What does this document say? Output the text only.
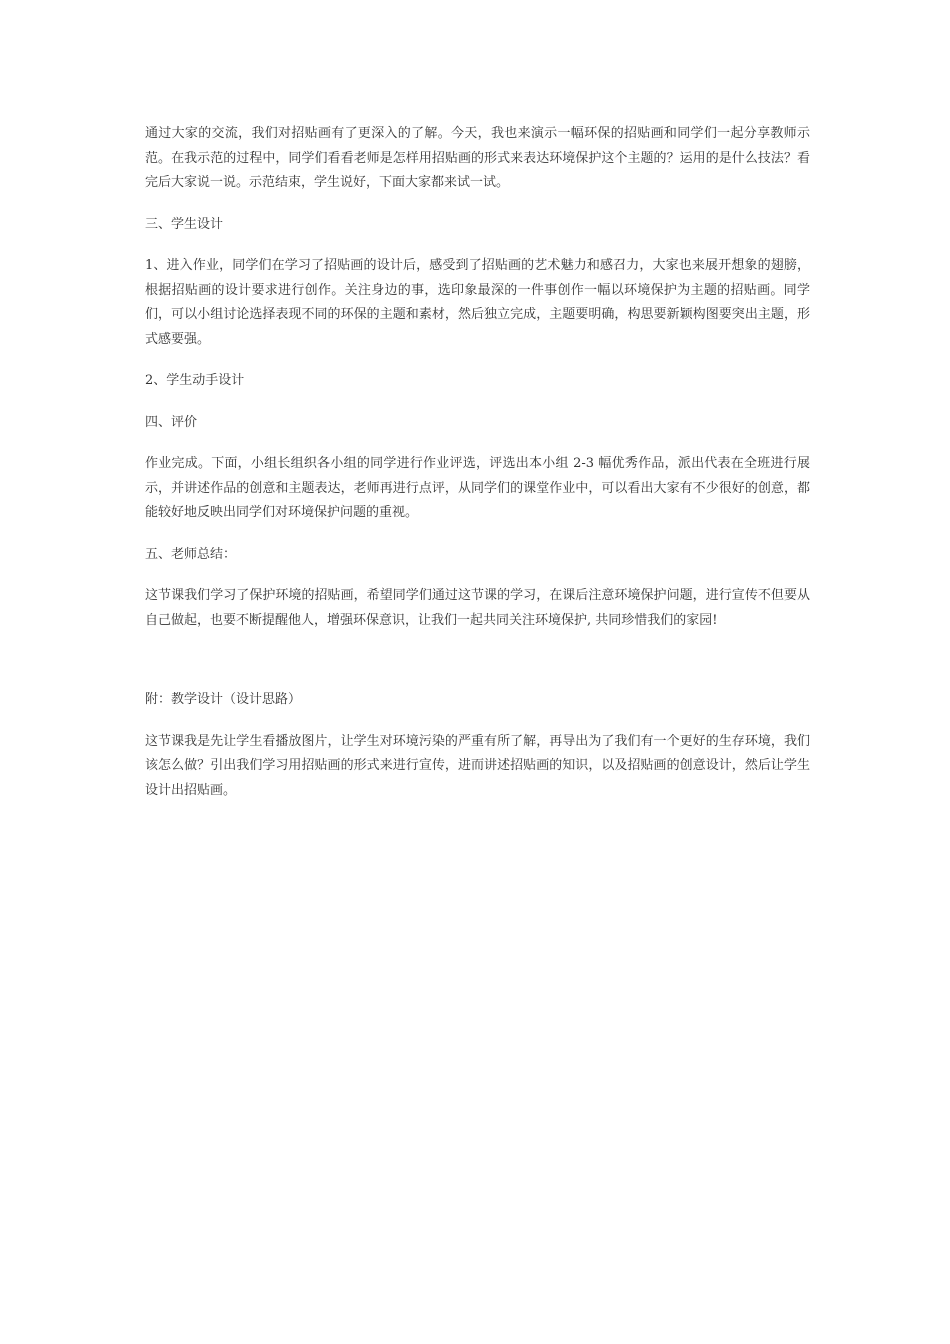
通过大家的交流，我们对招贴画有了更深入的了解。今天，我也来演示一幅环保的招贴画和同学们一起分享教师示范。在我示范的过程中，同学们看看老师是怎样用招贴画的形式来表达环境保护这个主题的？运用的是什么技法？看完后大家说一说。示范结束，学生说好，下面大家都来试一试。

三、学生设计

1、进入作业，同学们在学习了招贴画的设计后，感受到了招贴画的艺术魅力和感召力，大家也来展开想象的翅膀，根据招贴画的设计要求进行创作。关注身边的事，选印象最深的一件事创作一幅以环境保护为主题的招贴画。同学们，可以小组讨论选择表现不同的环保的主题和素材，然后独立完成，主题要明确，构思要新颖构图要突出主题，形式感要强。

2、学生动手设计

四、评价

作业完成。下面，小组长组织各小组的同学进行作业评选，评选出本小组 2-3 幅优秀作品，派出代表在全班进行展示，并讲述作品的创意和主题表达，老师再进行点评，从同学们的课堂作业中，可以看出大家有不少很好的创意，都能较好地反映出同学们对环境保护问题的重视。

五、老师总结：

这节课我们学习了保护环境的招贴画，希望同学们通过这节课的学习，在课后注意环境保护问题，进行宣传不但要从自己做起，也要不断提醒他人，增强环保意识，让我们一起共同关注环境保护, 共同珍惜我们的家园!

附：教学设计（设计思路）

这节课我是先让学生看播放图片，让学生对环境污染的严重有所了解，再导出为了我们有一个更好的生存环境，我们该怎么做？引出我们学习用招贴画的形式来进行宣传，进而讲述招贴画的知识，以及招贴画的创意设计，然后让学生设计出招贴画。
